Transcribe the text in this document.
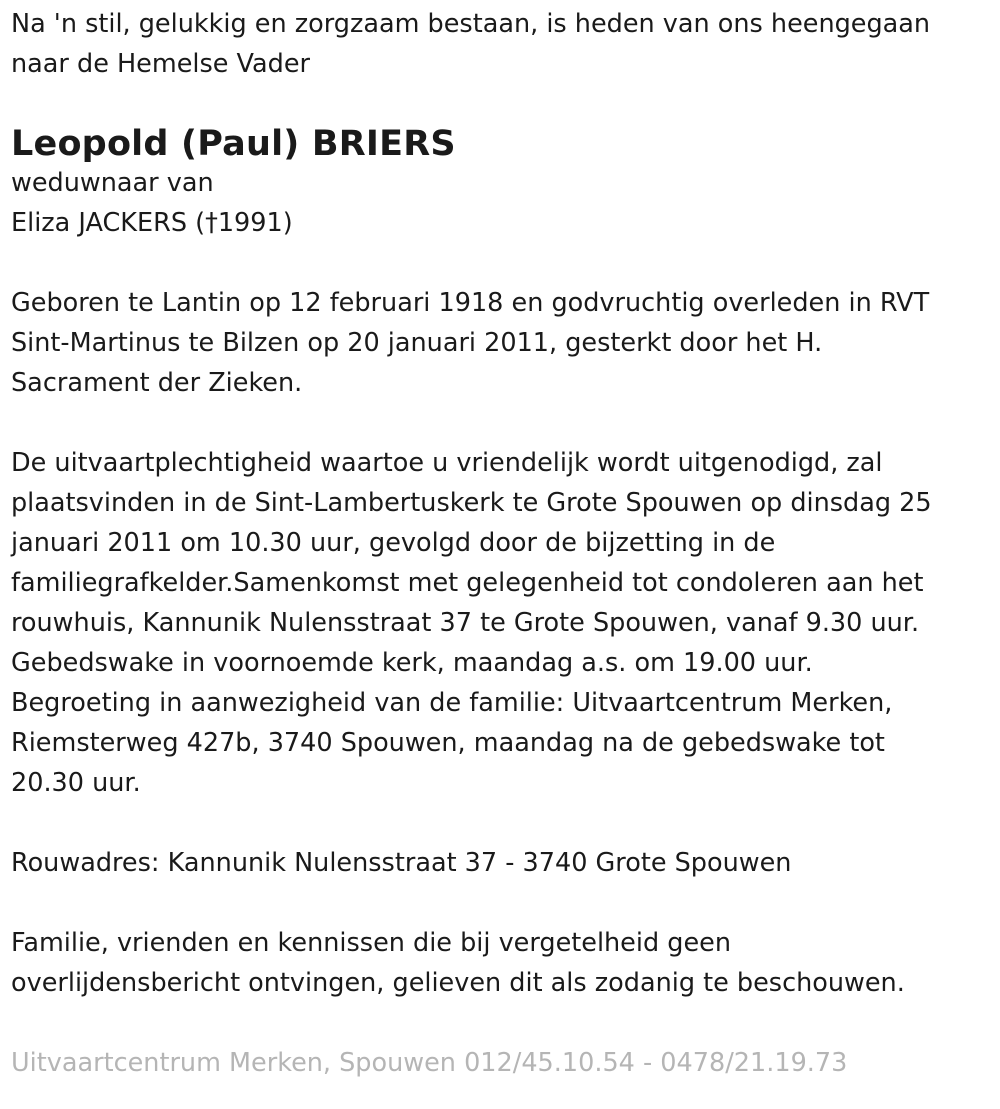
Na 'n stil, gelukkig en zorgzaam bestaan, is heden van ons heengegaan

naar de Hemelse Vader

Leopold (Paul) BRIERS

weduwnaar van

Eliza JACKERS (†1991)

Geboren te Lantin op 12 februari 1918 en godvruchtig overleden in RVT

Sint-Martinus te Bilzen op 20 januari 2011, gesterkt door het H.

Sacrament der Zieken.

De uitvaartplechtigheid waartoe u vriendelijk wordt uitgenodigd, zal

plaatsvinden in de Sint-Lambertuskerk te Grote Spouwen op dinsdag 25

januari 2011 om 10.30 uur, gevolgd door de bijzetting in de

familiegrafkelder.Samenkomst met gelegenheid tot condoleren aan het

rouwhuis, Kannunik Nulensstraat 37 te Grote Spouwen, vanaf 9.30 uur.

Gebedswake in voornoemde kerk, maandag a.s. om 19.00 uur.

Begroeting in aanwezigheid van de familie: Uitvaartcentrum Merken,

Riemsterweg 427b, 3740 Spouwen, maandag na de gebedswake tot

20.30 uur.

Rouwadres: Kannunik Nulensstraat 37 - 3740 Grote Spouwen

Familie, vrienden en kennissen die bij vergetelheid geen

overlijdensbericht ontvingen, gelieven dit als zodanig te beschouwen.

Uitvaartcentrum Merken, Spouwen 012/45.10.54 - 0478/21.19.73
